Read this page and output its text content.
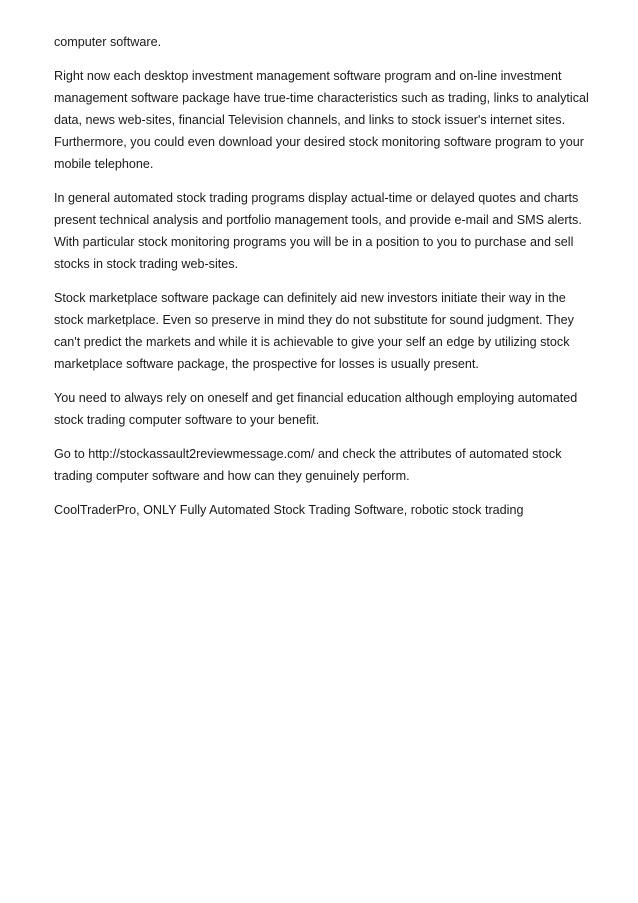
computer software.

Right now each desktop investment management software program and on-line investment management software package have true-time characteristics such as trading, links to analytical data, news web-sites, financial Television channels, and links to stock issuer's internet sites. Furthermore, you could even download your desired stock monitoring software program to your mobile telephone.

In general automated stock trading programs display actual-time or delayed quotes and charts present technical analysis and portfolio management tools, and provide e-mail and SMS alerts. With particular stock monitoring programs you will be in a position to you to purchase and sell stocks in stock trading web-sites.

Stock marketplace software package can definitely aid new investors initiate their way in the stock marketplace. Even so preserve in mind they do not substitute for sound judgment. They can't predict the markets and while it is achievable to give your self an edge by utilizing stock marketplace software package, the prospective for losses is usually present.

You need to always rely on oneself and get financial education although employing automated stock trading computer software to your benefit.

Go to http://stockassault2reviewmessage.com/ and check the attributes of automated stock trading computer software and how can they genuinely perform.

CoolTraderPro, ONLY Fully Automated Stock Trading Software, robotic stock trading
